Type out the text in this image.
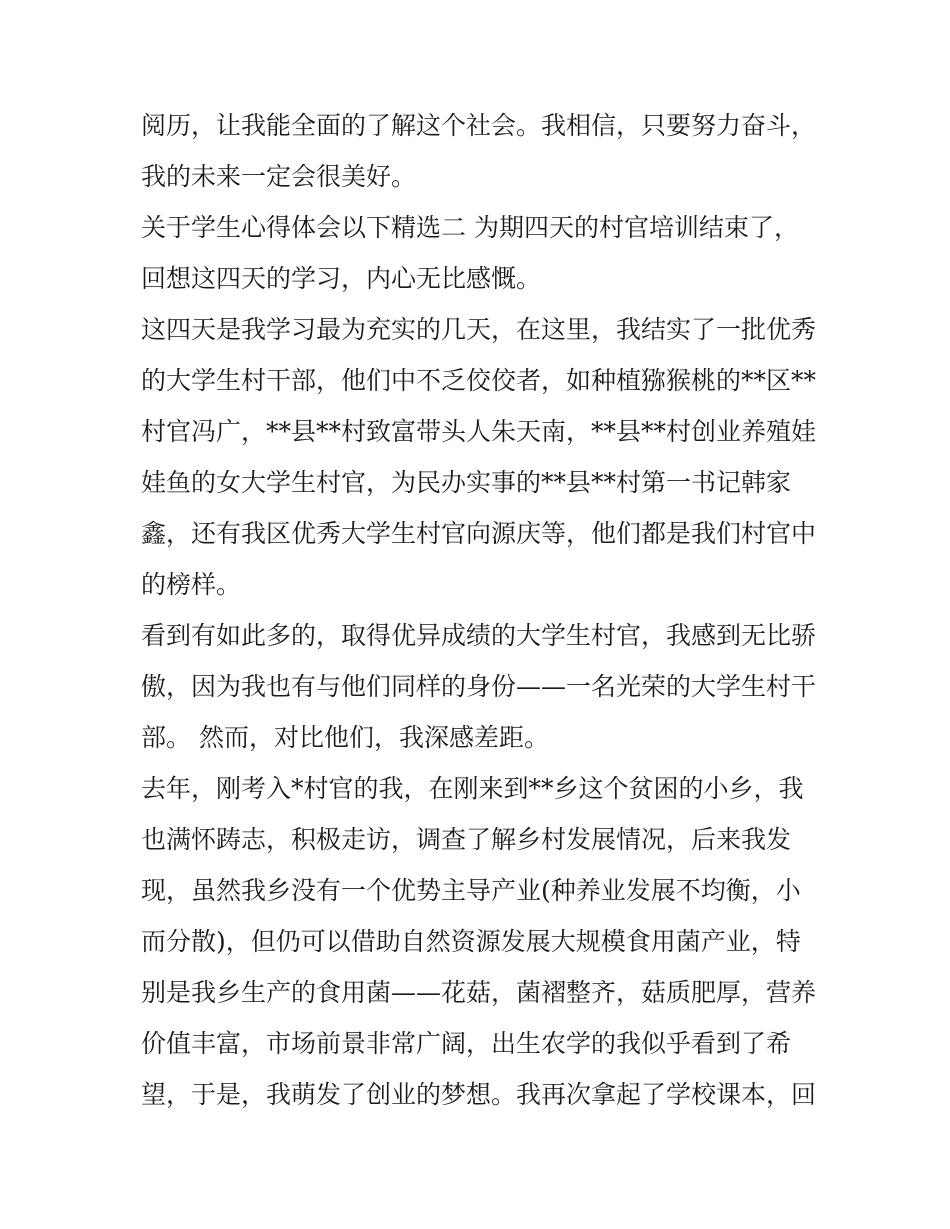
阅历，让我能全面的了解这个社会。我相信，只要努力奋斗，
我的未来一定会很美好。
关于学生心得体会以下精选二 为期四天的村官培训结束了，
回想这四天的学习，内心无比感慨。
这四天是我学习最为充实的几天，在这里，我结实了一批优秀
的大学生村干部，他们中不乏佼佼者，如种植猕猴桃的**区**
村官冯广，**县**村致富带头人朱天南，**县**村创业养殖娃
娃鱼的女大学生村官，为民办实事的**县**村第一书记韩家
鑫，还有我区优秀大学生村官向源庆等，他们都是我们村官中
的榜样。
看到有如此多的，取得优异成绩的大学生村官，我感到无比骄
傲，因为我也有与他们同样的身份——一名光荣的大学生村干
部。 然而，对比他们，我深感差距。
去年，刚考入*村官的我，在刚来到**乡这个贫困的小乡，我
也满怀踌志，积极走访，调查了解乡村发展情况，后来我发
现，虽然我乡没有一个优势主导产业(种养业发展不均衡，小
而分散)，但仍可以借助自然资源发展大规模食用菌产业，特
别是我乡生产的食用菌——花菇，菌褶整齐，菇质肥厚，营养
价值丰富，市场前景非常广阔，出生农学的我似乎看到了希
望，于是，我萌发了创业的梦想。我再次拿起了学校课本，回
